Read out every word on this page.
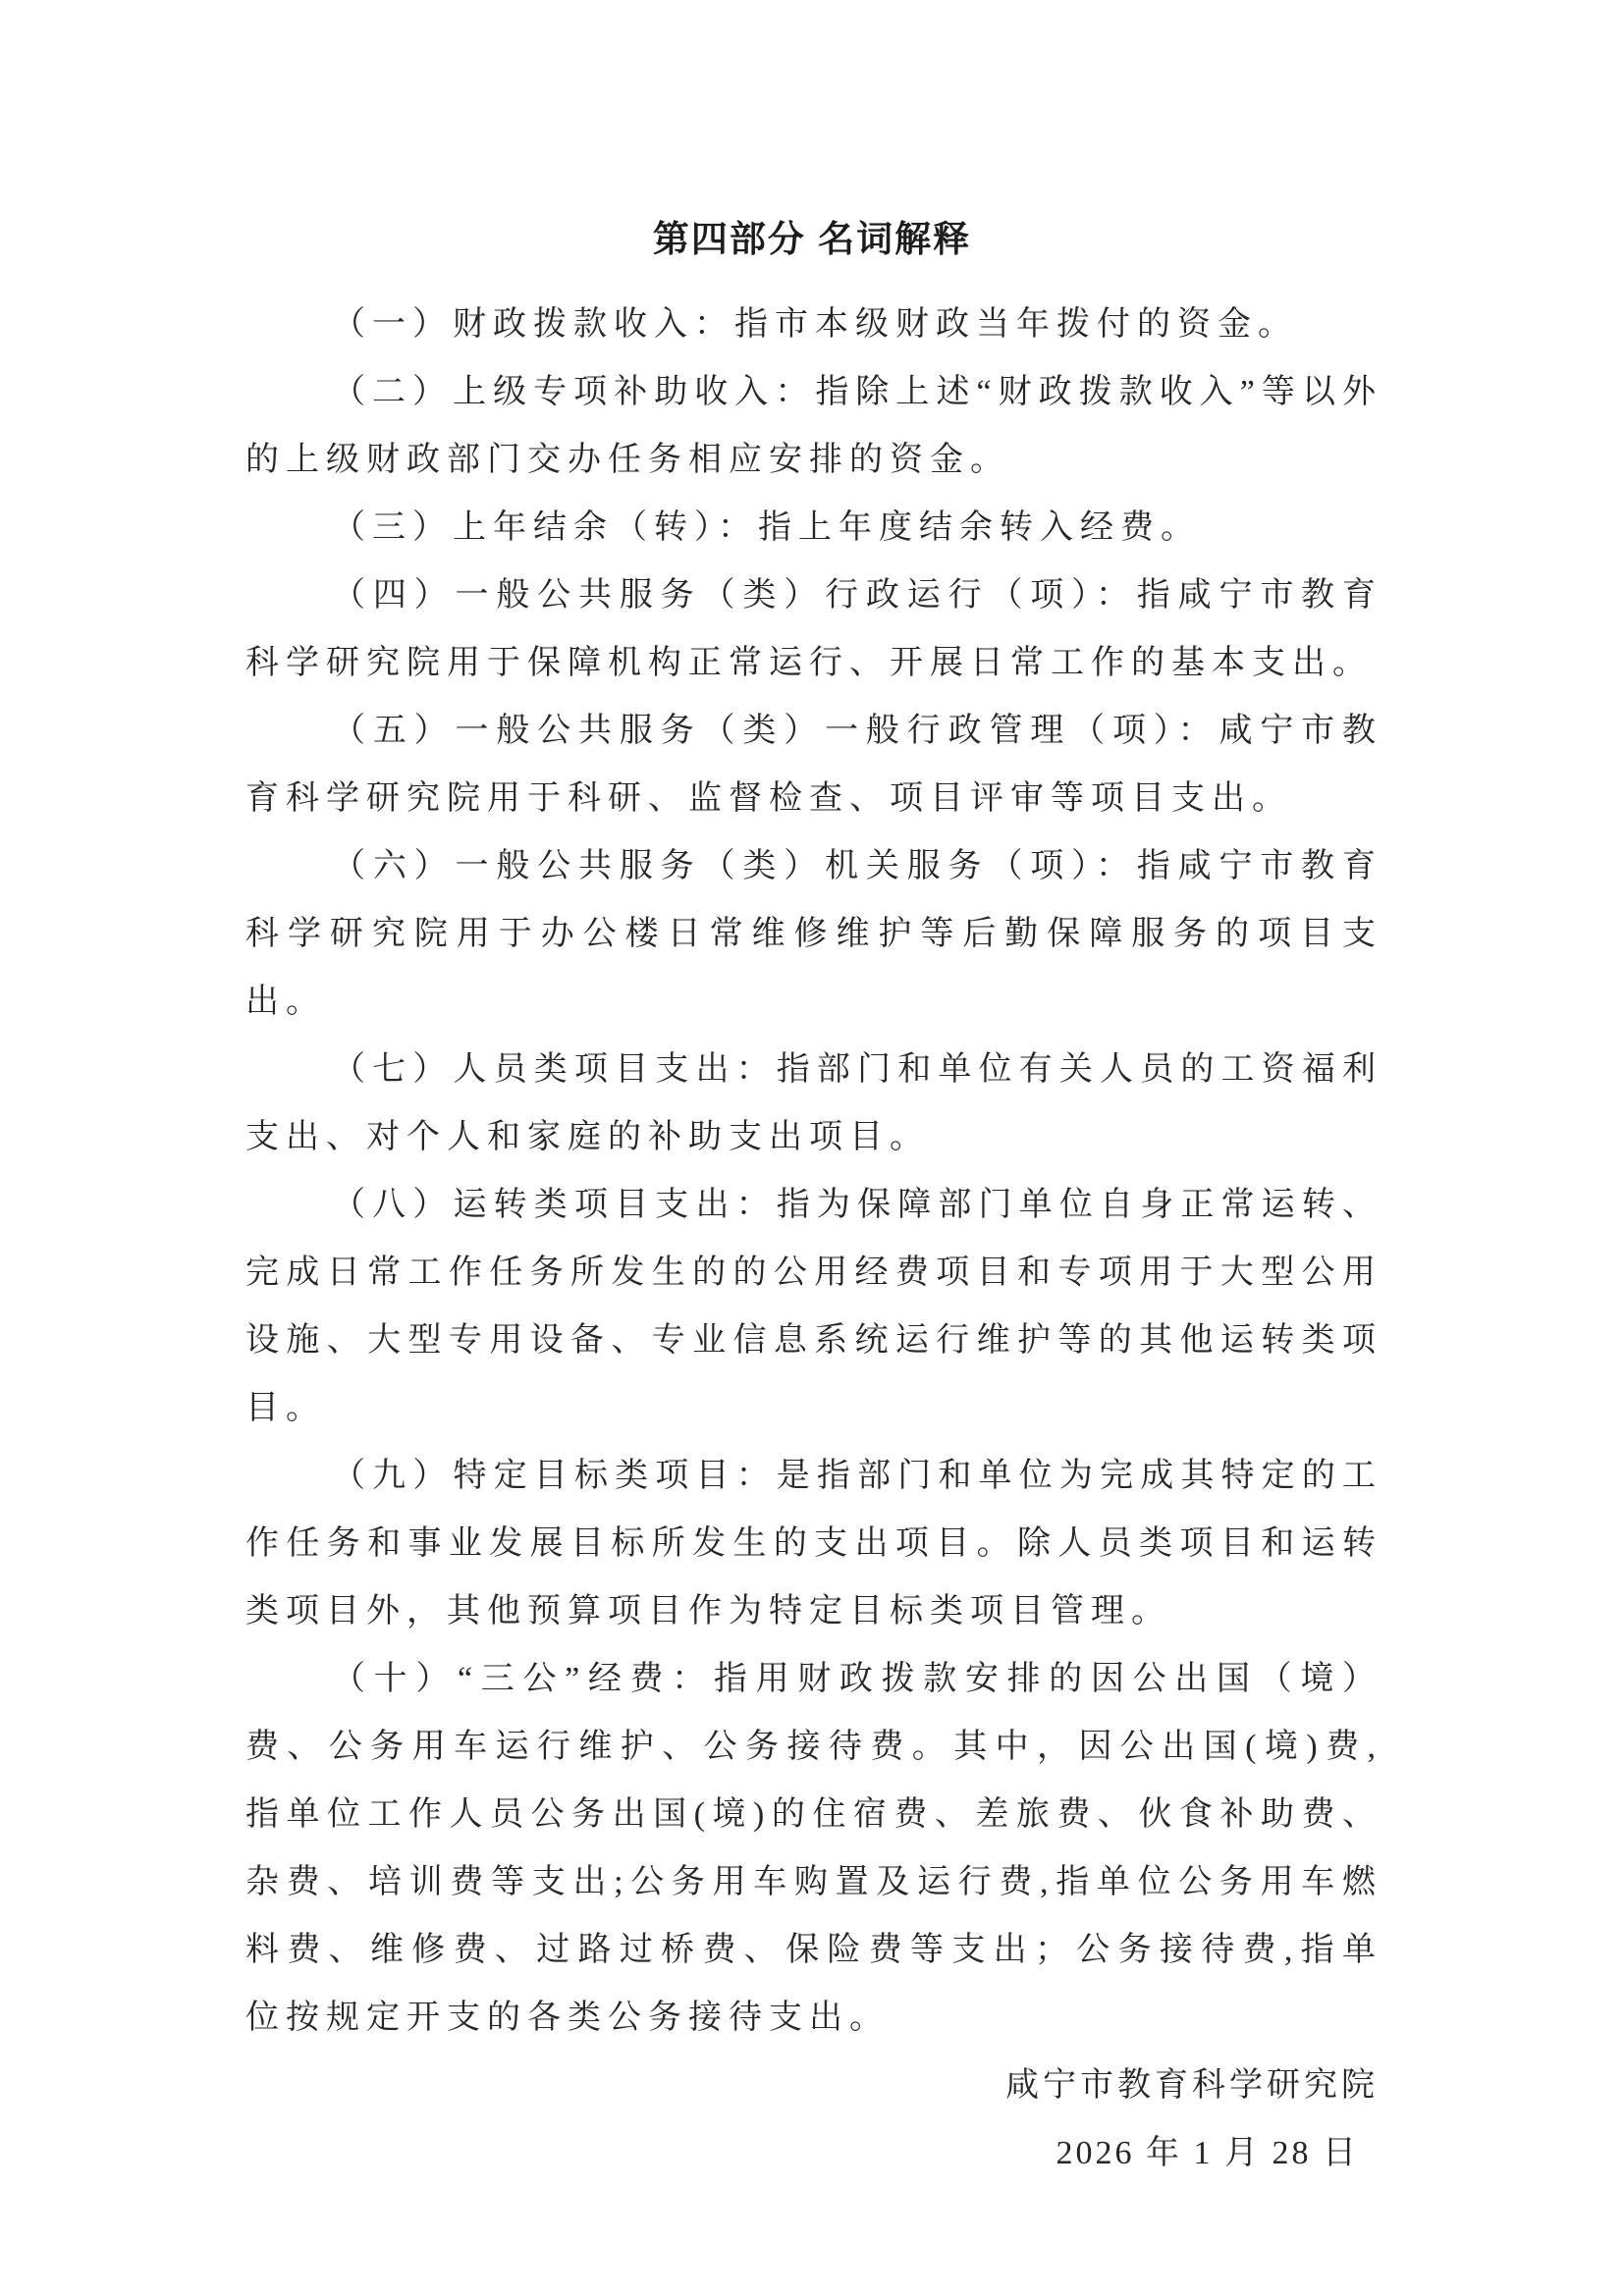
第四部分 名词解释

（一）财政拨款收入：指市本级财政当年拨付的资金。

（二）上级专项补助收入：指除上述“财政拨款收入”等以外的上级财政部门交办任务相应安排的资金。

（三）上年结余（转）：指上年度结余转入经费。

（四）一般公共服务（类）行政运行（项）：指咸宁市教育科学研究院用于保障机构正常运行、开展日常工作的基本支出。

（五）一般公共服务（类）一般行政管理（项）：咸宁市教育科学研究院用于科研、监督检查、项目评审等项目支出。

（六）一般公共服务（类）机关服务（项）：指咸宁市教育科学研究院用于办公楼日常维修维护等后勤保障服务的项目支出。

（七）人员类项目支出：指部门和单位有关人员的工资福利支出、对个人和家庭的补助支出项目。

（八）运转类项目支出：指为保障部门单位自身正常运转、完成日常工作任务所发生的的公用经费项目和专项用于大型公用设施、大型专用设备、专业信息系统运行维护等的其他运转类项目。

（九）特定目标类项目：是指部门和单位为完成其特定的工作任务和事业发展目标所发生的支出项目。除人员类项目和运转类项目外，其他预算项目作为特定目标类项目管理。

（十）“三公”经费：指用财政拨款安排的因公出国（境）费、公务用车运行维护、公务接待费。其中，因公出国(境)费,指单位工作人员公务出国(境)的住宿费、差旅费、伙食补助费、杂费、培训费等支出;公务用车购置及运行费,指单位公务用车燃料费、维修费、过路过桥费、保险费等支出；公务接待费,指单位按规定开支的各类公务接待支出。

咸宁市教育科学研究院
2026 年 1 月 28 日
